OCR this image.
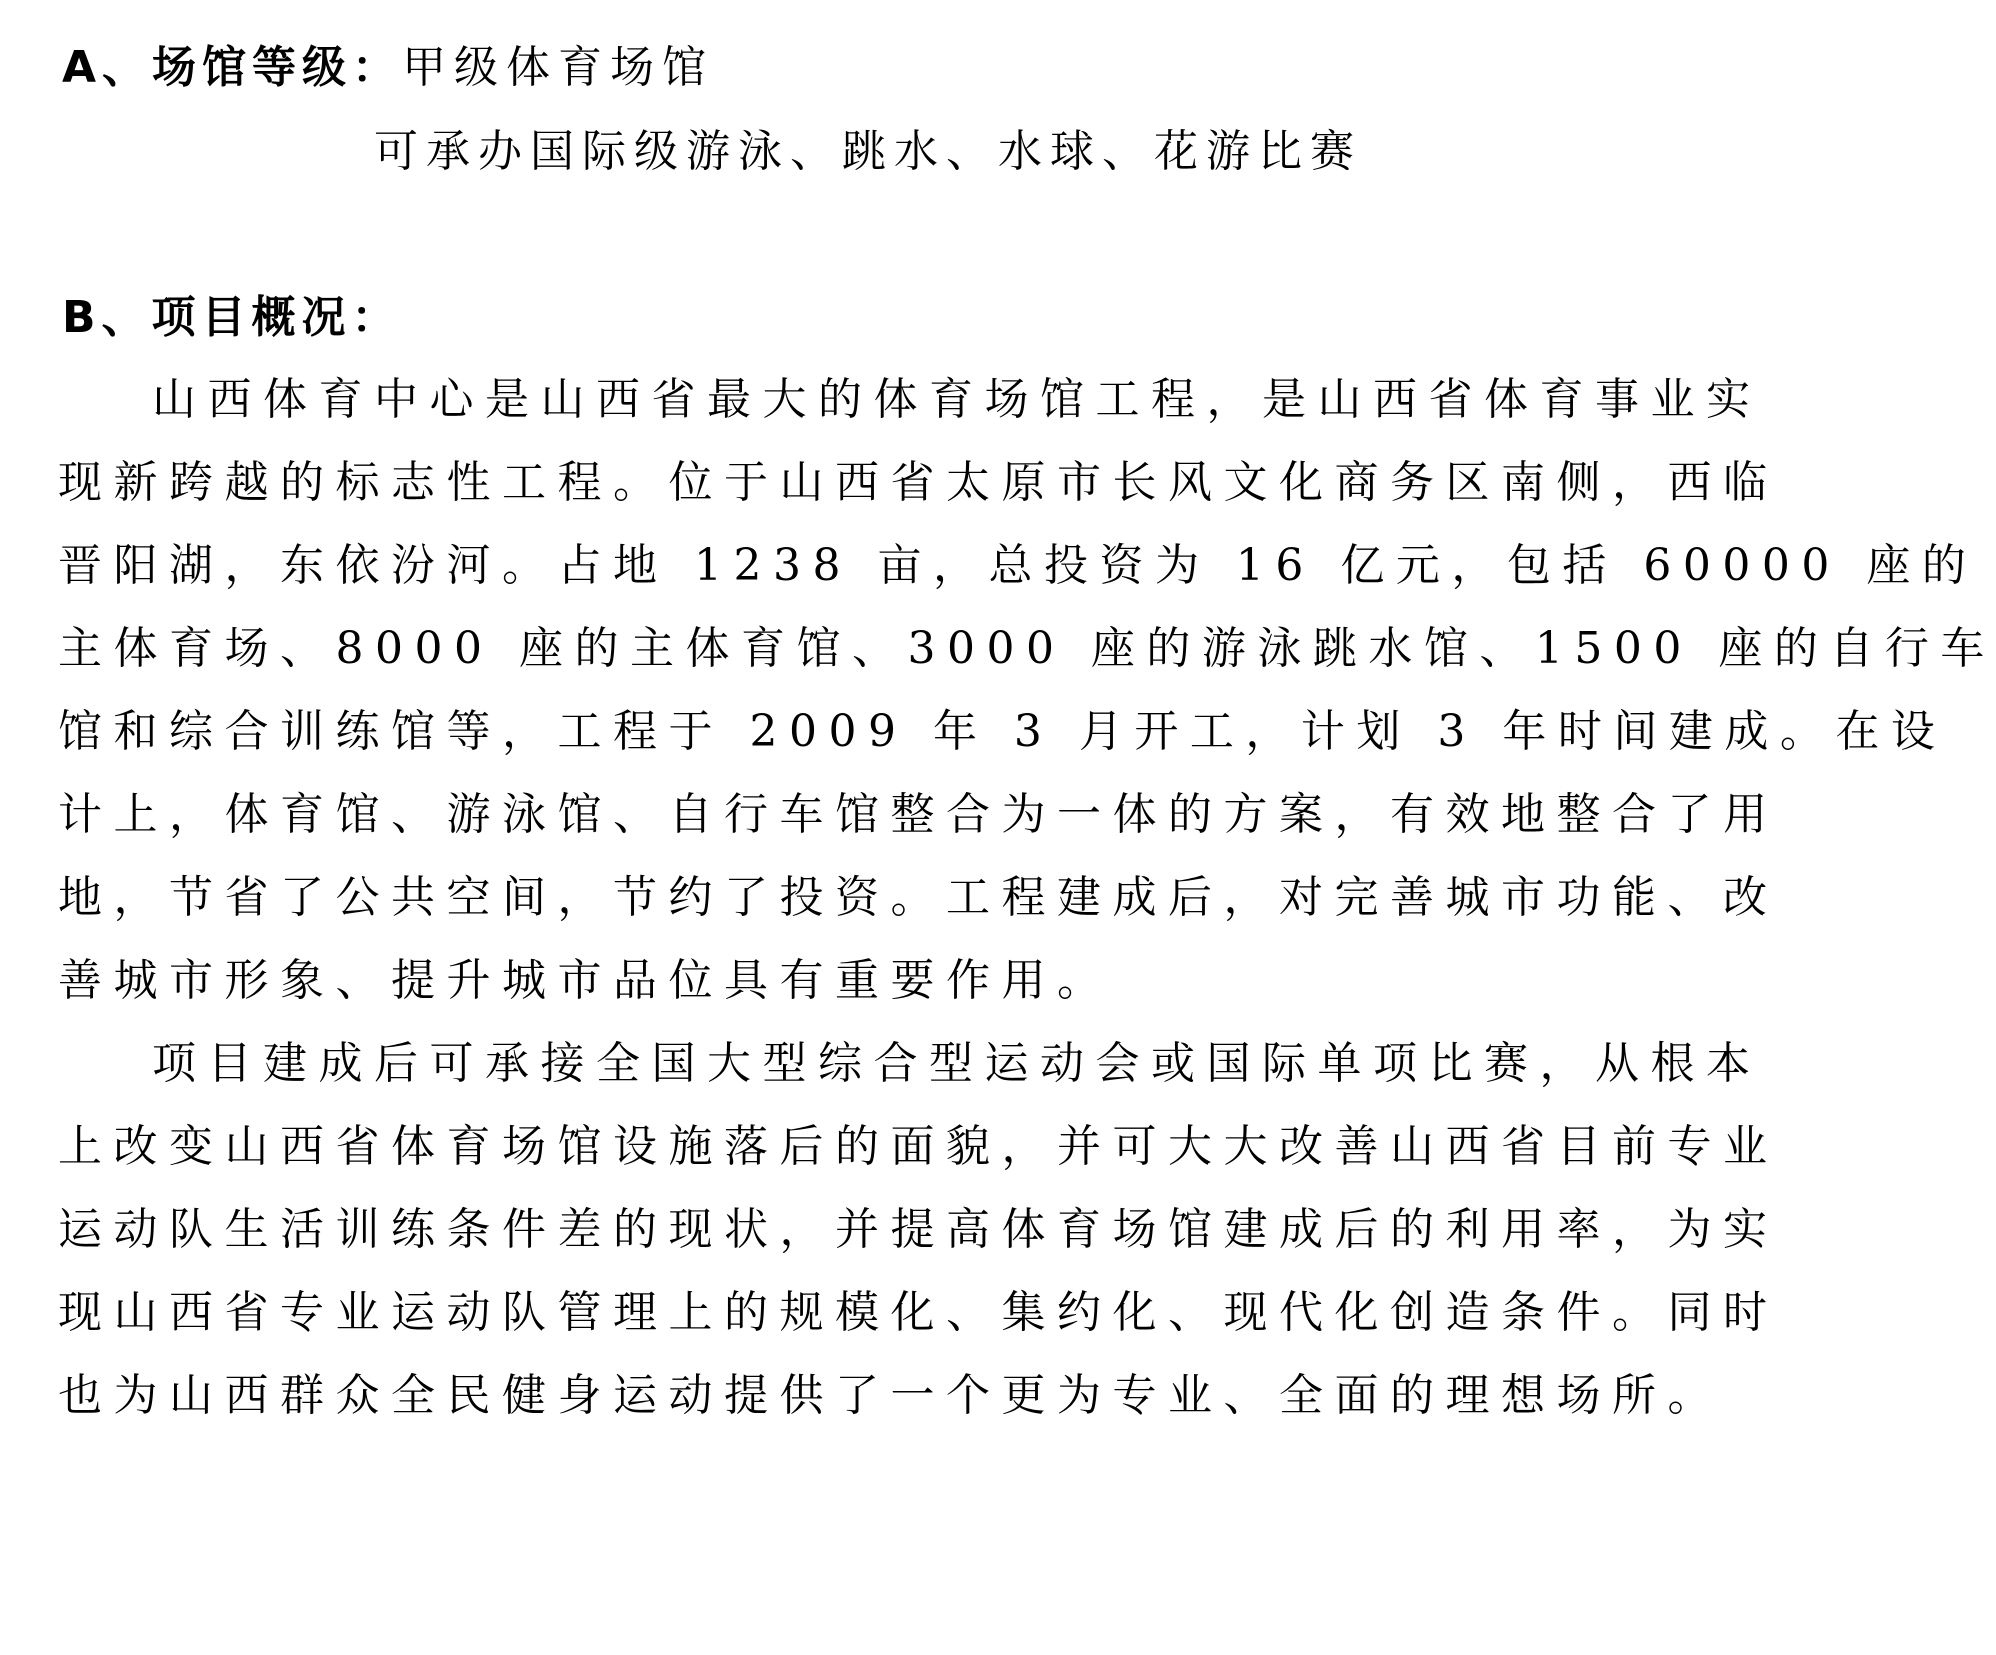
A、场馆等级：甲级体育场馆
可承办国际级游泳、跳水、水球、花游比赛
B、项目概况：
山西体育中心是山西省最大的体育场馆工程，是山西省体育事业实
现新跨越的标志性工程。位于山西省太原市长风文化商务区南侧，西临
晋阳湖，东依汾河。占地 1238 亩，总投资为 16 亿元，包括 60000 座的
主体育场、8000 座的主体育馆、3000 座的游泳跳水馆、1500 座的自行车
馆和综合训练馆等，工程于 2009 年 3 月开工，计划 3 年时间建成。在设
计上，体育馆、游泳馆、自行车馆整合为一体的方案，有效地整合了用
地，节省了公共空间，节约了投资。工程建成后，对完善城市功能、改
善城市形象、提升城市品位具有重要作用。
项目建成后可承接全国大型综合型运动会或国际单项比赛，从根本
上改变山西省体育场馆设施落后的面貌，并可大大改善山西省目前专业
运动队生活训练条件差的现状，并提高体育场馆建成后的利用率，为实
现山西省专业运动队管理上的规模化、集约化、现代化创造条件。同时
也为山西群众全民健身运动提供了一个更为专业、全面的理想场所。
